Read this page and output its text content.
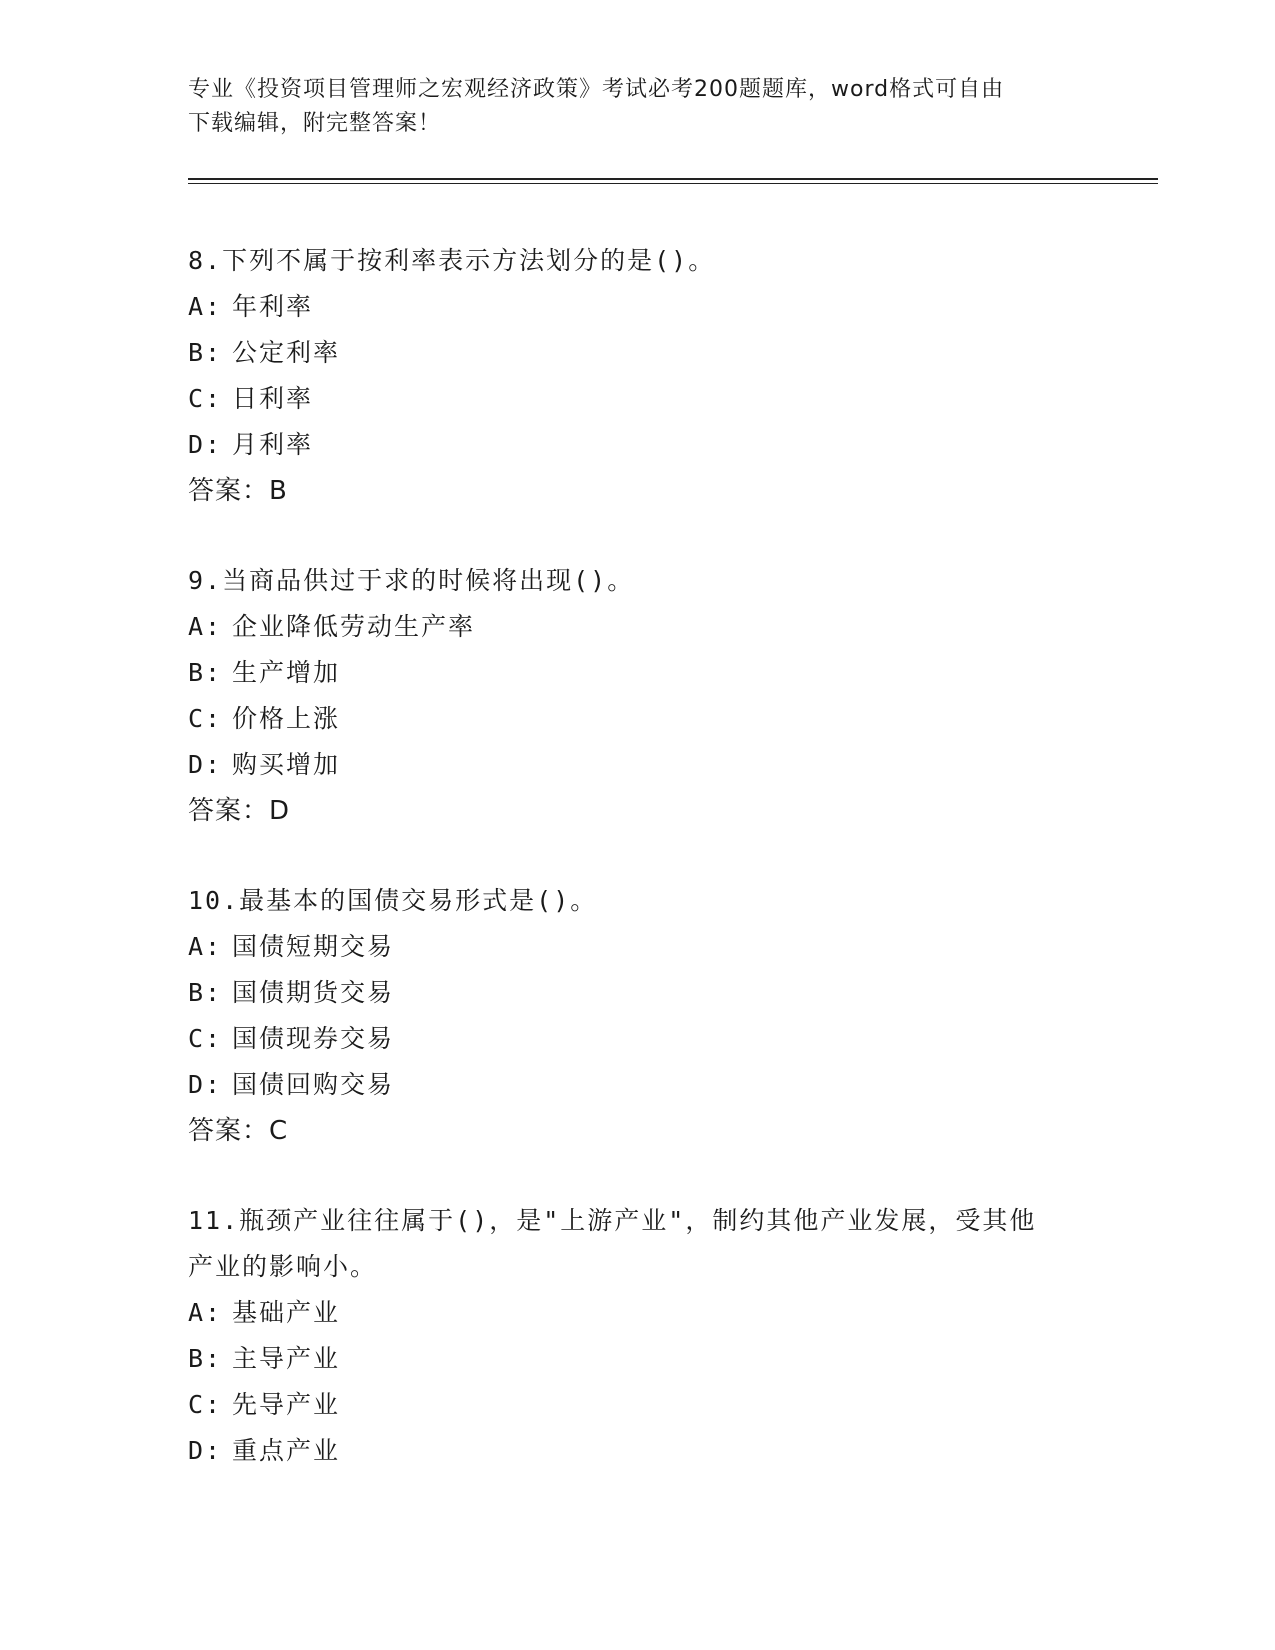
专业《投资项目管理师之宏观经济政策》考试必考200题题库，word格式可自由
下载编辑，附完整答案！
8.下列不属于按利率表示方法划分的是()。
A: 年利率
B: 公定利率
C: 日利率
D: 月利率
答案：B
9.当商品供过于求的时候将出现()。
A: 企业降低劳动生产率
B: 生产增加
C: 价格上涨
D: 购买增加
答案：D
10.最基本的国债交易形式是()。
A: 国债短期交易
B: 国债期货交易
C: 国债现券交易
D: 国债回购交易
答案：C
11.瓶颈产业往往属于()，是"上游产业"，制约其他产业发展，受其他
产业的影响小。
A: 基础产业
B: 主导产业
C: 先导产业
D: 重点产业
